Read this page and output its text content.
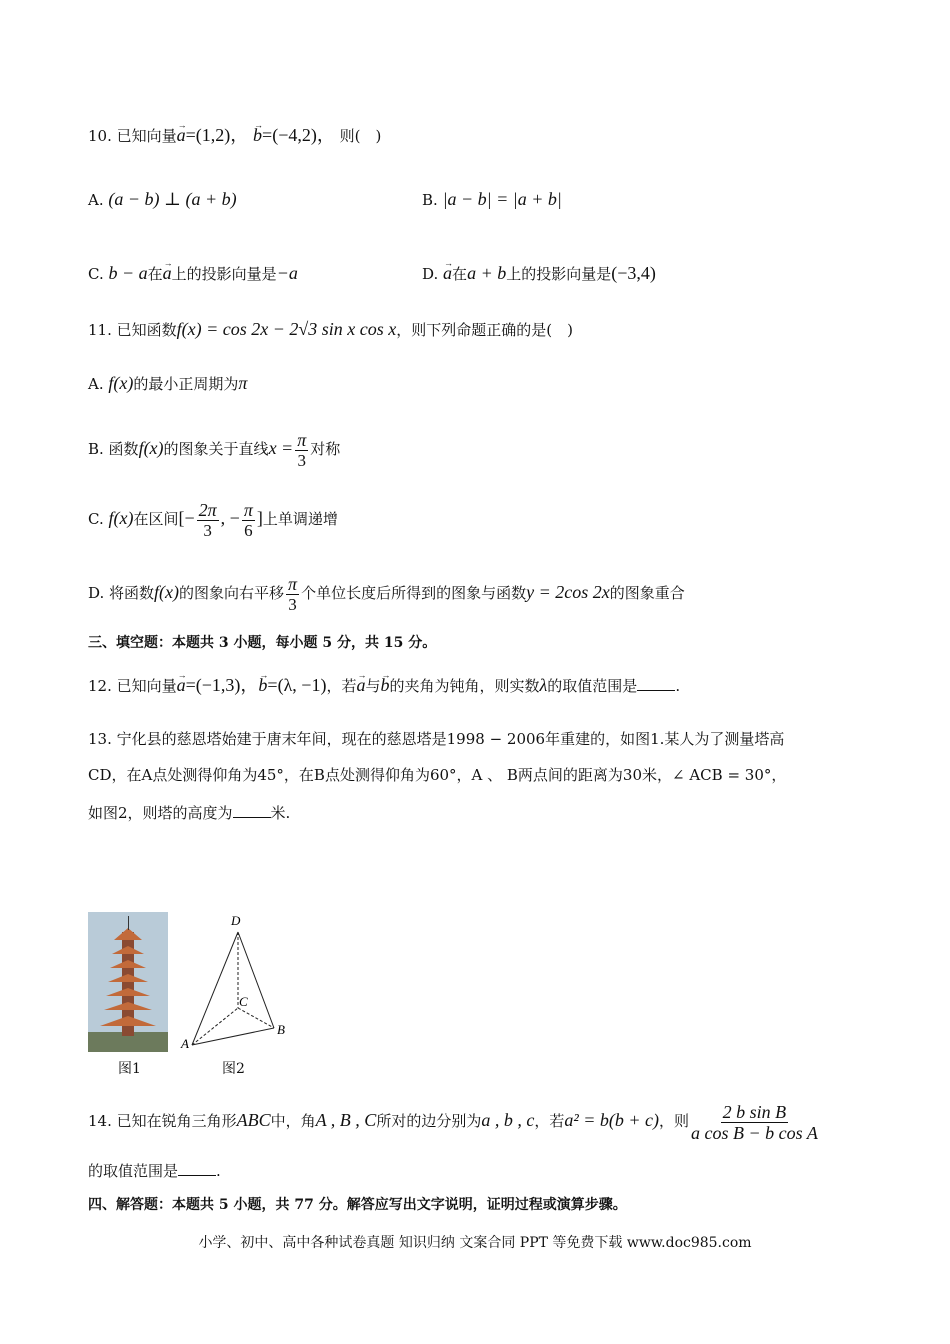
10. 已知向量→ a=(1,2)， → b=(−4,2)， 则(　)
A. (a − b) ⊥ (a + b)	B. |a − b| = |a + b|
C. b − a在→ a上的投影向量是−a	D. → a在a + b上的投影向量是(−3,4)
11. 已知函数f(x) = cos 2x − 2√3 sin x cos x，则下列命题正确的是(　)
A. f(x)的最小正周期为π
B. 函数f(x)的图象关于直线$x = \frac{\pi}{3}$ 对称
C. f(x)在区间[− $\frac{2\pi}{3}$ , − $\frac{\pi}{6}$ ]上单调递增
D. 将函数f(x)的图象向右平移 $\frac{\pi}{3}$ 个单位长度后所得到的图象与函数y = 2cos 2x的图象重合
三、填空题：本题共 3 小题，每小题 5 分，共 15 分。
12. 已知向量→ a=(−1,3)，→ b=(λ, −1)，若→ a与→ b的夹角为钝角，则实数λ的取值范围是	.
13. 宁化县的慈恩塔始建于唐末年间，现在的慈恩塔是1998 − 2006年重建的，如图1.某人为了测量塔高
CD，在A点处测得仰角为45°，在B点处测得仰角为60°，A 、 B两点间的距离为30米，∠ ACB = 30°，
如图2，则塔的高度为	米.
图1
D
C
A
B
图2
14. 已知在锐角三角形ABC中，角A , B , C所对的边分别为a , b , c，若a² = b(b + c)，则 $\frac{\text{2 b sin B}}{\text{a cos B − b cos A}}$
的取值范围是	.
四、解答题：本题共 5 小题，共 77 分。解答应写出文字说明，证明过程或演算步骤。
小学、初中、高中各种试卷真题 知识归纳 文案合同 PPT 等免费下载 www.doc985.com
